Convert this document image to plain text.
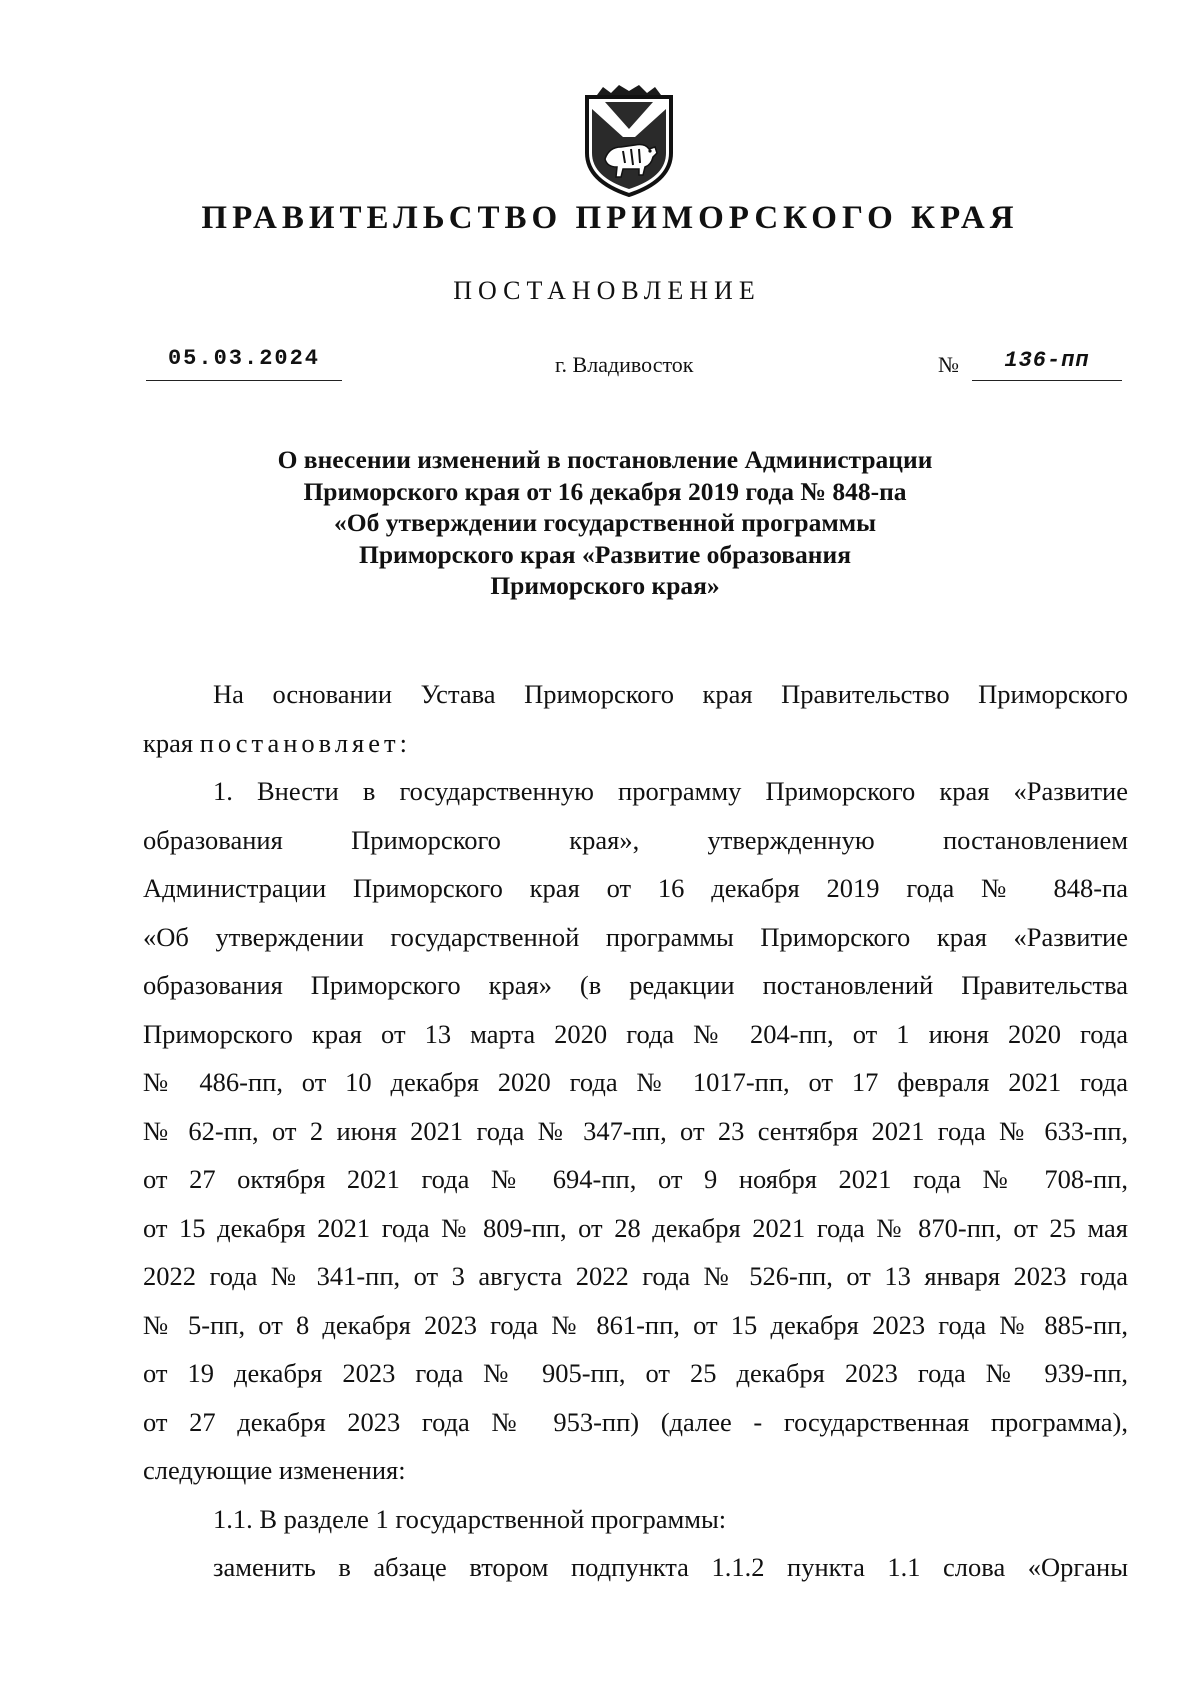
ПРАВИТЕЛЬСТВО ПРИМОРСКОГО КРАЯ
ПОСТАНОВЛЕНИЕ
05.03.2024	г. Владивосток	№	136-пп
О внесении изменений в постановление Администрации
Приморского края от 16 декабря 2019 года № 848-па
«Об утверждении государственной программы
Приморского края «Развитие образования
Приморского края»
На основании Устава Приморского края Правительство Приморского
края постановляет:
1. Внести в государственную программу Приморского края «Развитие
образования Приморского края», утвержденную постановлением
Администрации Приморского края от 16 декабря 2019 года № 848-па
«Об утверждении государственной программы Приморского края «Развитие
образования Приморского края» (в редакции постановлений Правительства
Приморского края от 13 марта 2020 года № 204-пп, от 1 июня 2020 года
№ 486-пп, от 10 декабря 2020 года № 1017-пп, от 17 февраля 2021 года
№ 62-пп, от 2 июня 2021 года № 347-пп, от 23 сентября 2021 года № 633-пп,
от 27 октября 2021 года № 694-пп, от 9 ноября 2021 года № 708-пп,
от 15 декабря 2021 года № 809-пп, от 28 декабря 2021 года № 870-пп, от 25 мая
2022 года № 341-пп, от 3 августа 2022 года № 526-пп, от 13 января 2023 года
№ 5-пп, от 8 декабря 2023 года № 861-пп, от 15 декабря 2023 года № 885-пп,
от 19 декабря 2023 года № 905-пп, от 25 декабря 2023 года № 939-пп,
от 27 декабря 2023 года № 953-пп) (далее - государственная программа),
следующие изменения:
1.1. В разделе 1 государственной программы:
заменить в абзаце втором подпункта 1.1.2 пункта 1.1 слова «Органы
